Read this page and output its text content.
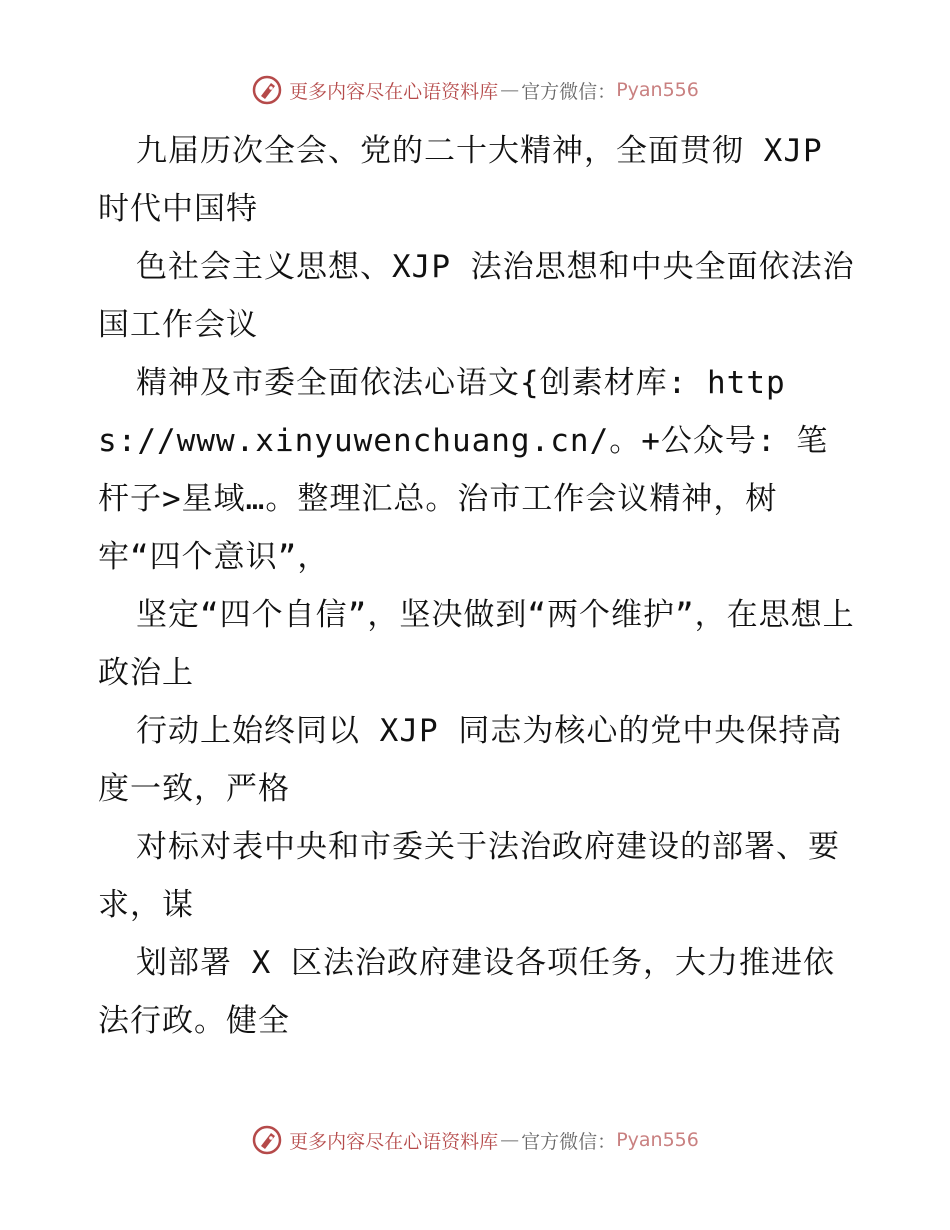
更多内容尽在心语资料库 — 官方微信： Pyan556

九届历次全会、党的二十大精神，全面贯彻 XJP 时代中国特

色社会主义思想、XJP 法治思想和中央全面依法治国工作会议

精神及市委全面依法心语文{创素材库: https://www.xinyuwenchuang.cn/。+公众号: 笔杆子>星域…。整理汇总。治市工作会议精神，树牢“四个意识”，

坚定“四个自信”，坚决做到“两个维护”，在思想上政治上

行动上始终同以 XJP 同志为核心的党中央保持高度一致，严格

对标对表中央和市委关于法治政府建设的部署、要求，谋

划部署 X 区法治政府建设各项任务，大力推进依法行政。健全

更多内容尽在心语资料库 — 官方微信： Pyan556
